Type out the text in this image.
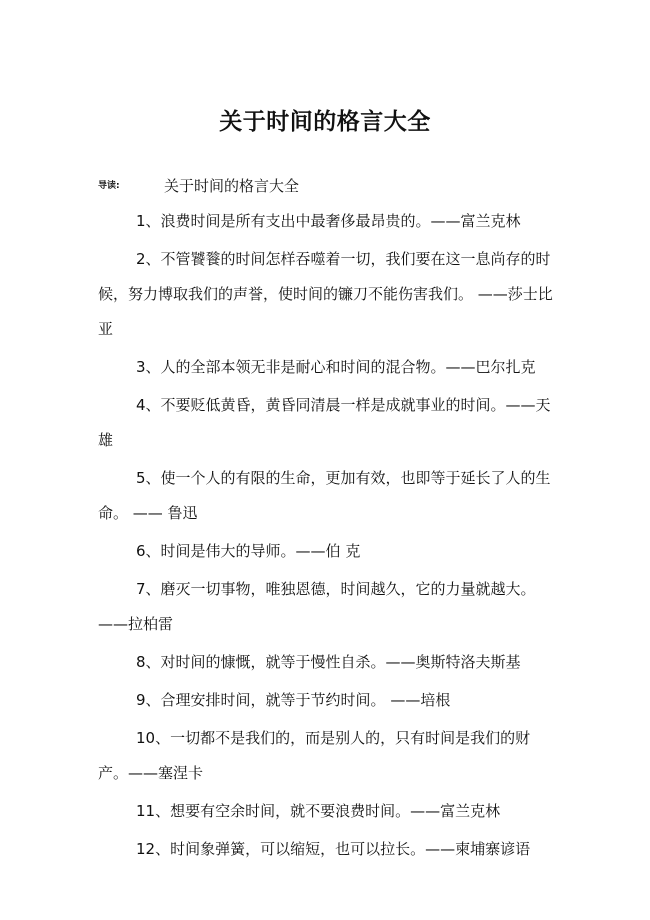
关于时间的格言大全
导读:	关于时间的格言大全
1、浪费时间是所有支出中最奢侈最昂贵的。——富兰克林
2、不管饕餮的时间怎样吞噬着一切，我们要在这一息尚存的时候，努力博取我们的声誉，使时间的镰刀不能伤害我们。 ——莎士比亚
3、人的全部本领无非是耐心和时间的混合物。——巴尔扎克
4、不要贬低黄昏，黄昏同清晨一样是成就事业的时间。——天雄
5、使一个人的有限的生命，更加有效，也即等于延长了人的生命。 —— 鲁迅
6、时间是伟大的导师。——伯 克
7、磨灭一切事物，唯独恩德，时间越久，它的力量就越大。——拉柏雷
8、对时间的慷慨，就等于慢性自杀。——奥斯特洛夫斯基
9、合理安排时间，就等于节约时间。 ——培根
10、一切都不是我们的，而是别人的，只有时间是我们的财产。——塞涅卡
11、想要有空余时间，就不要浪费时间。——富兰克林
12、时间象弹簧，可以缩短，也可以拉长。——柬埔寨谚语
